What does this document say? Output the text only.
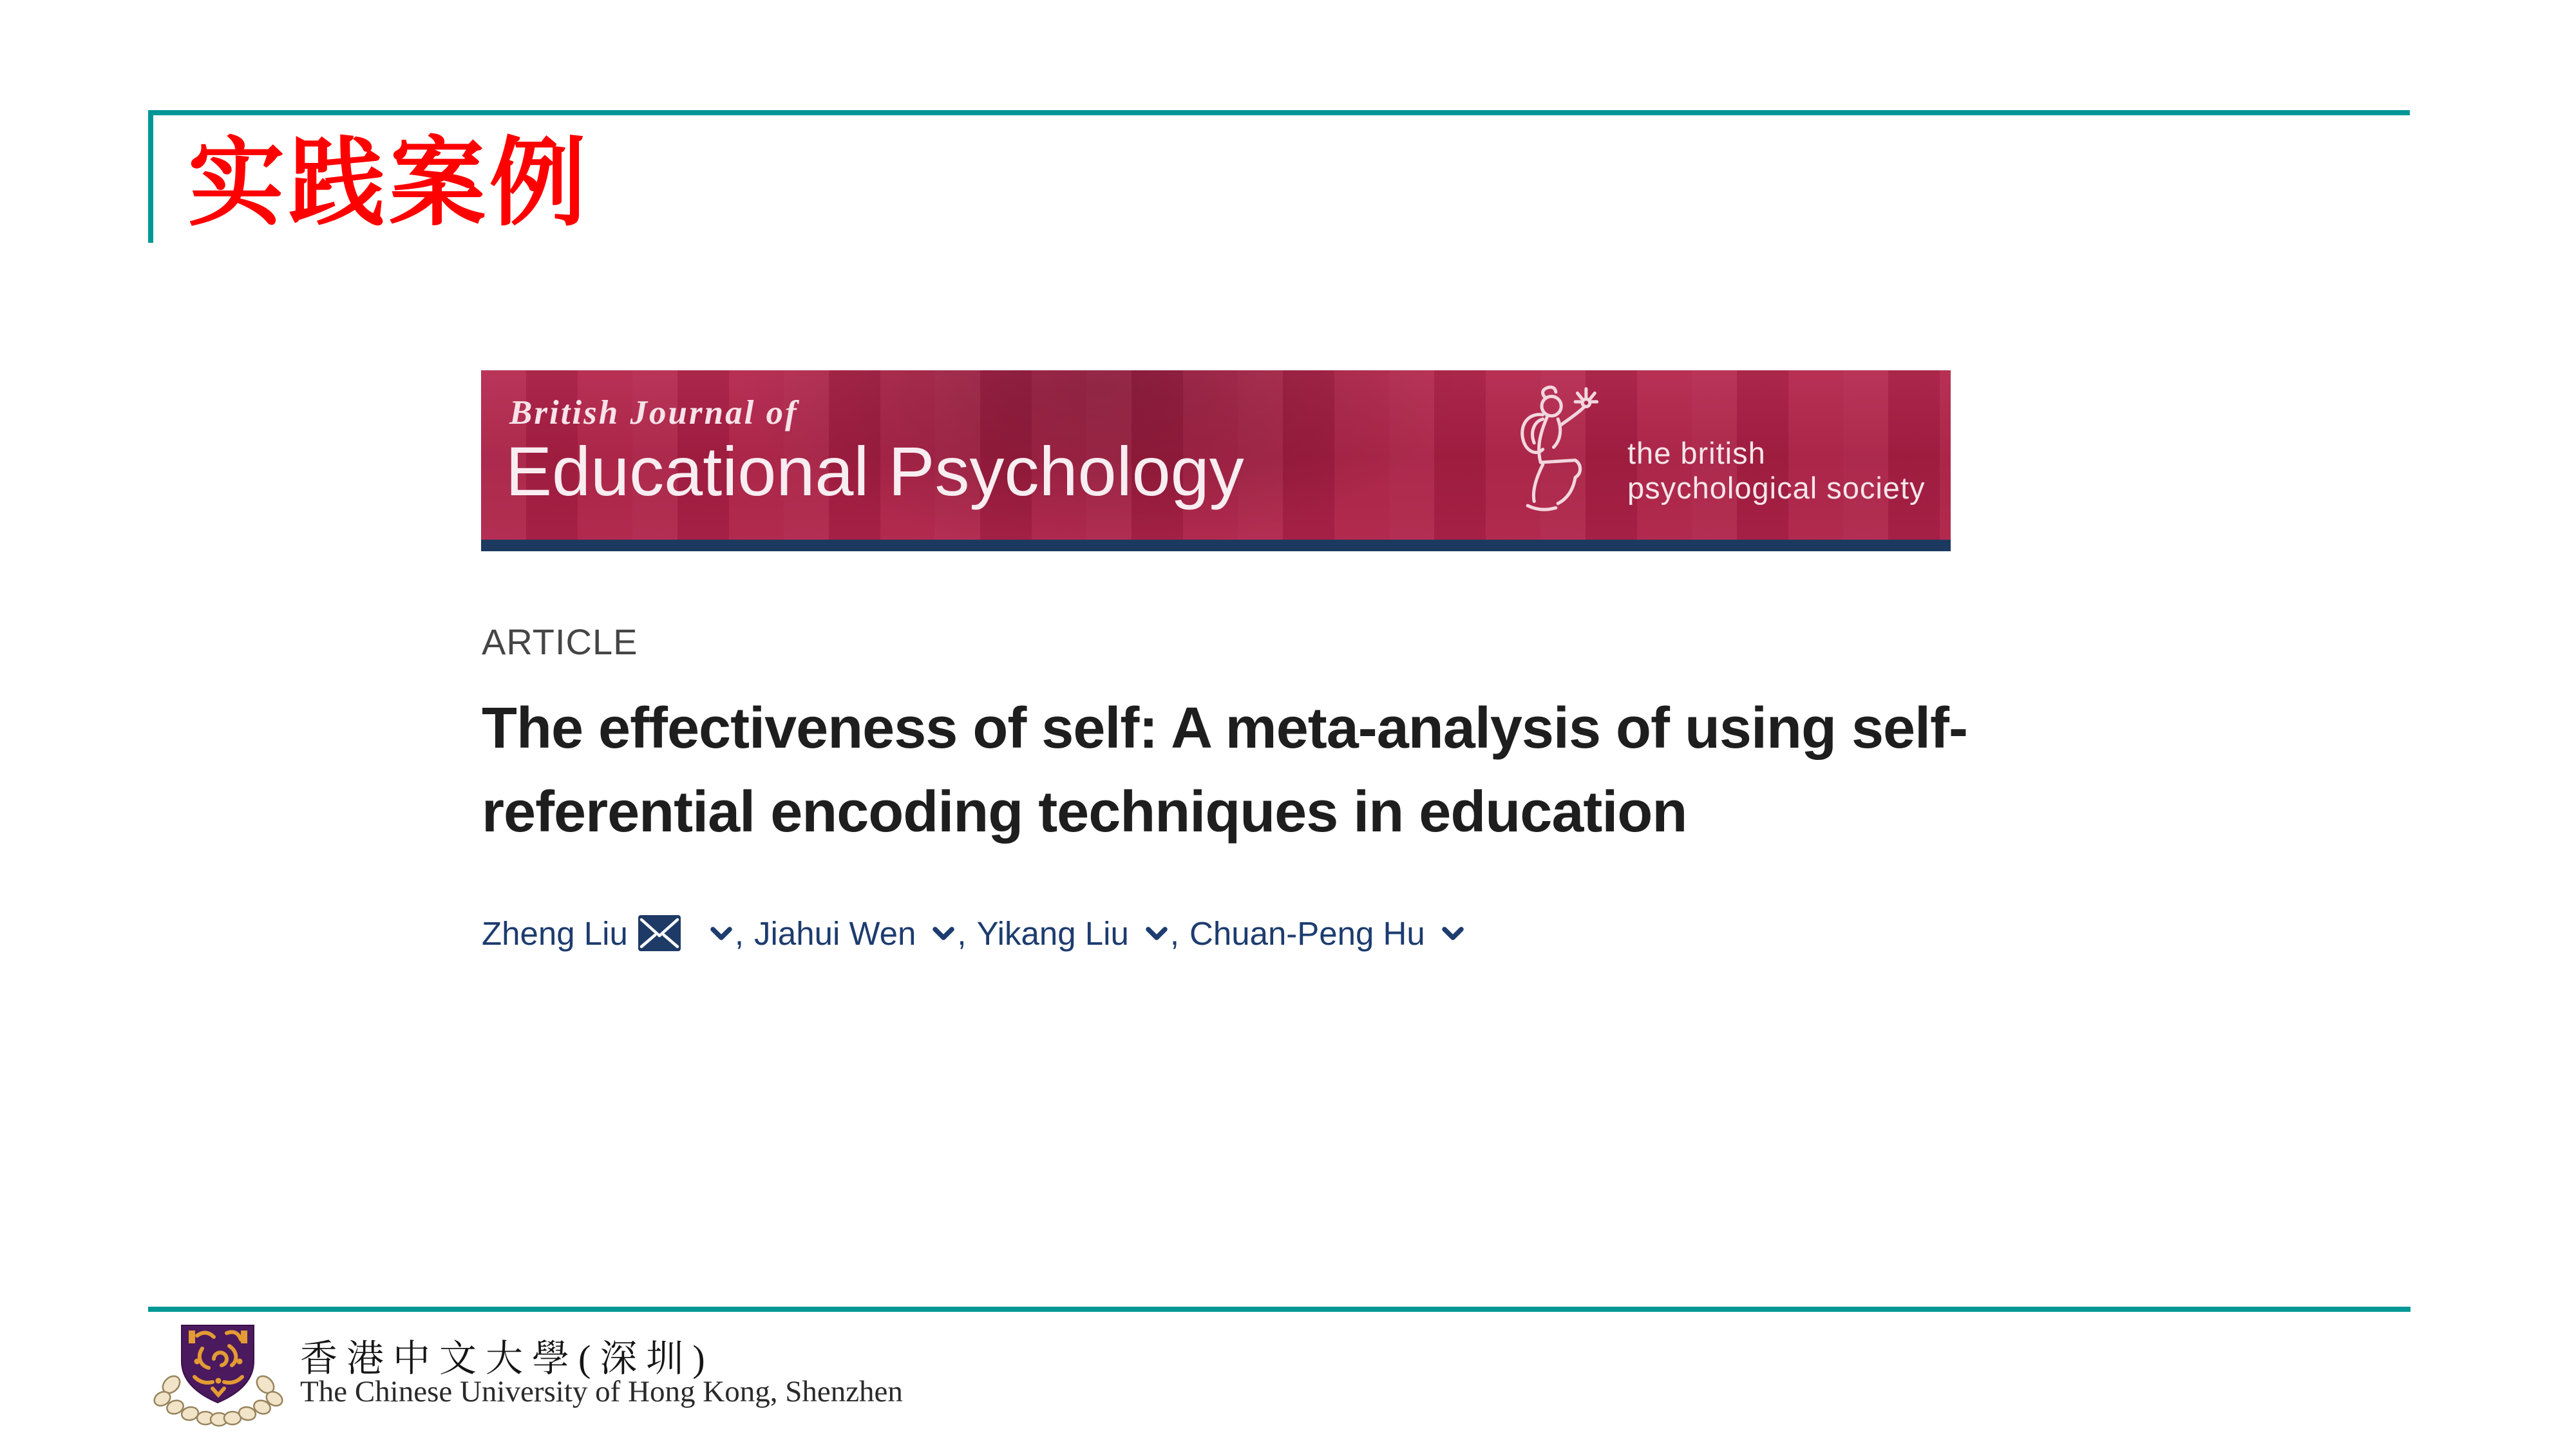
实践案例
British Journal of
Educational Psychology	the british
psychological society
ARTICLE
The effectiveness of self: A meta-analysis of using self-
referential encoding techniques in education
Zheng Liu	, Jiahui Wen , Yikang Liu , Chuan-Peng Hu
香港中文大學(深圳)
The Chinese University of Hong Kong, Shenzhen
